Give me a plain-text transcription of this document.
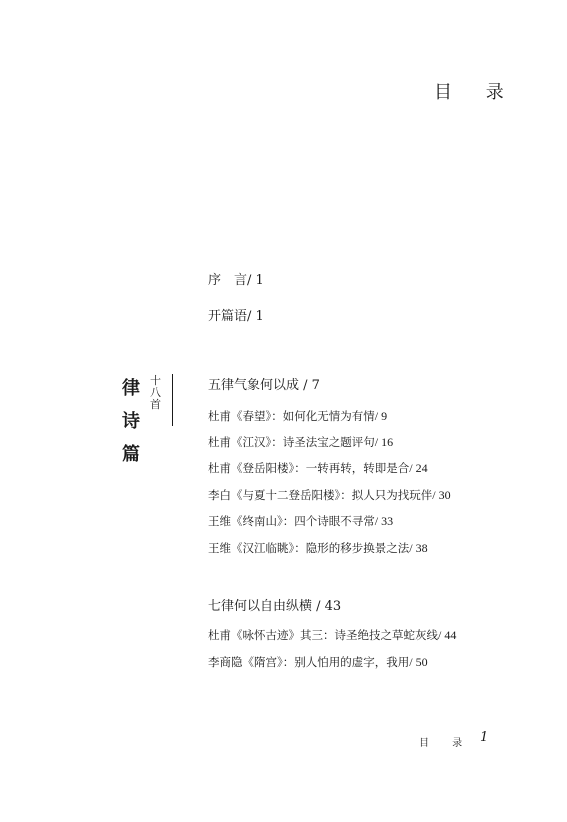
目 录
序　言/ 1
开篇语/ 1
律
诗
篇
十
八
首
五律气象何以成 / 7
杜甫《春望》：如何化无情为有情/ 9
杜甫《江汉》：诗圣法宝之题评句/ 16
杜甫《登岳阳楼》：一转再转，转即是合/ 24
李白《与夏十二登岳阳楼》：拟人只为找玩伴/ 30
王维《终南山》：四个诗眼不寻常/ 33
王维《汉江临眺》：隐形的移步换景之法/ 38
七律何以自由纵横 / 43
杜甫《咏怀古迹》其三：诗圣绝技之草蛇灰线/ 44
李商隐《隋宫》：别人怕用的虚字，我用/ 50
目 录 1
